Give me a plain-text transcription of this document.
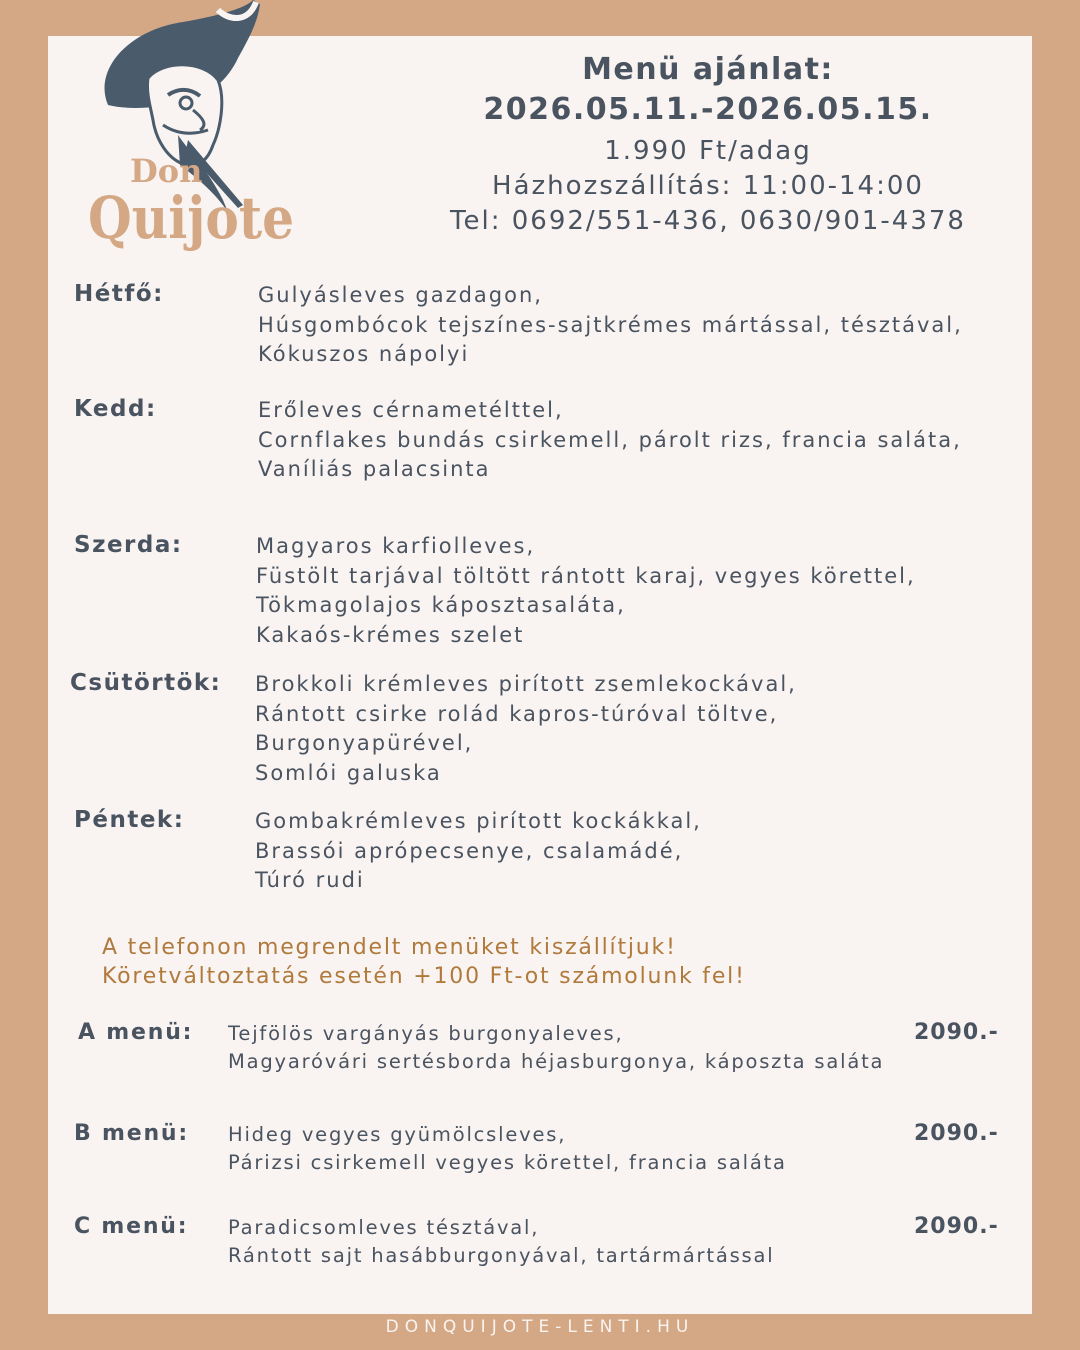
Don
Quijote
Menü ajánlat:
2026.05.11.-2026.05.15.
1.990 Ft/adag
Házhozszállítás: 11:00-14:00
Tel: 0692/551-436, 0630/901-4378
Hétfő:	Gulyásleves gazdagon,
Húsgombócok tejszínes-sajtkrémes mártással, tésztával,
Kókuszos nápolyi
Kedd:	Erőleves cérnametélttel,
Cornflakes bundás csirkemell, párolt rizs, francia saláta,
Vaníliás palacsinta
Szerda:	Magyaros karfiolleves,
Füstölt tarjával töltött rántott karaj, vegyes körettel,
Tökmagolajos káposztasaláta,
Kakaós-krémes szelet
Csütörtök: Brokkoli krémleves pirított zsemlekockával,
Rántott csirke rolád kapros-túróval töltve,
Burgonyapürével,
Somlói galuska
Péntek:	Gombakrémleves pirított kockákkal,
Brassói aprópecsenye, csalamádé,
Túró rudi
A telefonon megrendelt menüket kiszállítjuk!
Köretváltoztatás esetén +100 Ft-ot számolunk fel!
A menü: Tejfölös vargányás burgonyaleves,
Magyaróvári sertésborda héjasburgonya, káposzta saláta
2090.-
B menü: Hideg vegyes gyümölcsleves,
Párizsi csirkemell vegyes körettel, francia saláta
2090.-
C menü: Paradicsomleves tésztával,
Rántott sajt hasábburgonyával, tartármártással
2090.-
DONQUIJOTE-LENTI.HU
